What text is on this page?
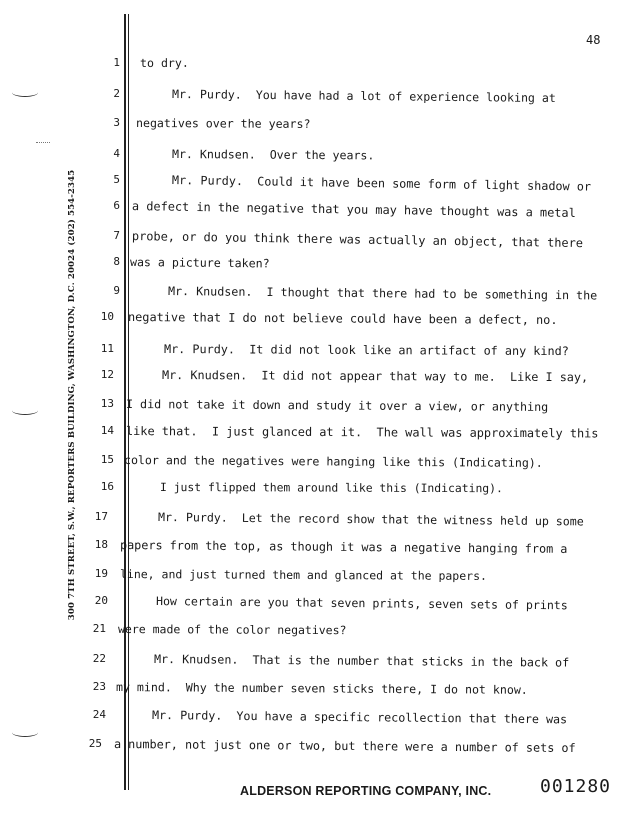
48
300 7TH STREET, S.W., REPORTERS BUILDING, WASHINGTON, D.C. 20024 (202) 554-2345
1 to dry.
2	Mr. Purdy.  You have had a lot of experience looking at
3 negatives over the years?
4	Mr. Knudsen.  Over the years.
5	Mr. Purdy.  Could it have been some form of light shadow or
6 a defect in the negative that you may have thought was a metal
7 probe, or do you think there was actually an object, that there
8 was a picture taken?
9	Mr. Knudsen.  I thought that there had to be something in the
10 negative that I do not believe could have been a defect, no.
11	Mr. Purdy.  It did not look like an artifact of any kind?
12	Mr. Knudsen.  It did not appear that way to me.  Like I say,
13 I did not take it down and study it over a view, or anything
14 like that.  I just glanced at it.  The wall was approximately this
15 color and the negatives were hanging like this (Indicating).
16	I just flipped them around like this (Indicating).
17	Mr. Purdy.  Let the record show that the witness held up some
18 papers from the top, as though it was a negative hanging from a
19 line, and just turned them and glanced at the papers.
20	How certain are you that seven prints, seven sets of prints
21 were made of the color negatives?
22	Mr. Knudsen.  That is the number that sticks in the back of
23 my mind.  Why the number seven sticks there, I do not know.
24	Mr. Purdy.  You have a specific recollection that there was
25 a number, not just one or two, but there were a number of sets of
ALDERSON REPORTING COMPANY, INC.	001280
